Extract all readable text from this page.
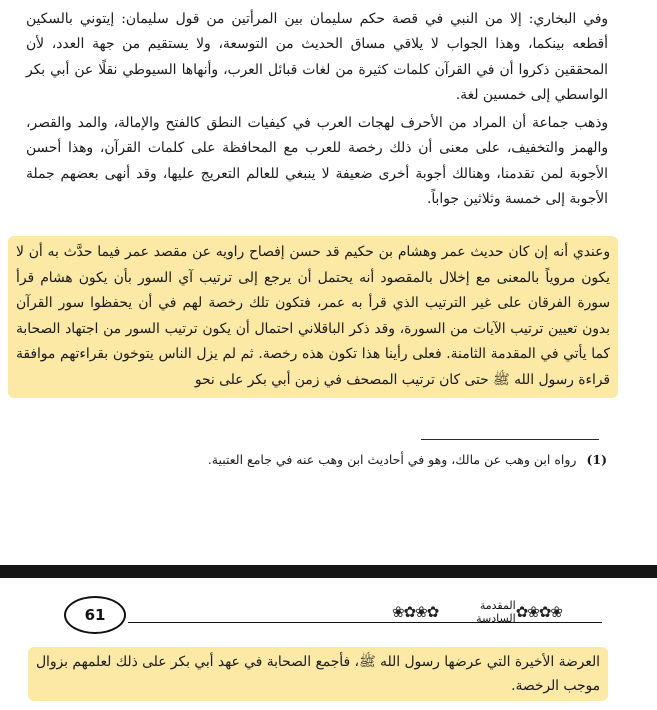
وفي البخاري: إلا من النبي في قصة حكم سليمان بين المرأتين من قول سليمان: إيتوني بالسكين أقطعه بينكما، وهذا الجواب لا يلاقي مساق الحديث من التوسعة، ولا يستقيم من جهة العدد، لأن المحققين ذكروا أن في القرآن كلمات كثيرة من لغات قبائل العرب، وأنهاها السيوطي نقلًا عن أبي بكر الواسطي إلى خمسين لغة.

وذهب جماعة أن المراد من الأحرف لهجات العرب في كيفيات النطق كالفتح والإمالة، والمد والقصر، والهمز والتخفيف، على معنى أن ذلك رخصة للعرب مع المحافظة على كلمات القرآن، وهذا أحسن الأجوبة لمن تقدمنا، وهنالك أجوبة أخرى ضعيفة لا ينبغي للعالم التعريج عليها، وقد أنهى بعضهم جملة الأجوبة إلى خمسة وثلاثين جواباً.

وعندي أنه إن كان حديث عمر وهشام بن حكيم قد حسن إفصاح راويه عن مقصد عمر فيما حدَّث به أن لا يكون مروياً بالمعنى مع إخلال بالمقصود أنه يحتمل أن يرجع إلى ترتيب آي السور بأن يكون هشام قرأ سورة الفرقان على غير الترتيب الذي قرأ به عمر، فتكون تلك رخصة لهم في أن يحفظوا سور القرآن بدون تعيين ترتيب الآيات من السورة، وقد ذكر الباقلاني احتمال أن يكون ترتيب السور من اجتهاد الصحابة كما يأتي في المقدمة الثامنة. فعلى رأينا هذا تكون هذه رخصة. ثم لم يزل الناس يتوخون بقراءتهم موافقة قراءة رسول الله ﷺ حتى كان ترتيب المصحف في زمن أبي بكر على نحو

(1)رواه ابن وهب عن مالك، وهو في أحاديث ابن وهب عنه في جامع العتبية.
61	❀✿❀✿	المقدمة السادسة ✿❀✿❀

العرضة الأخيرة التي عرضها رسول الله ﷺ، فأجمع الصحابة في عهد أبي بكر على ذلك لعلمهم بزوال موجب الرخصة.
